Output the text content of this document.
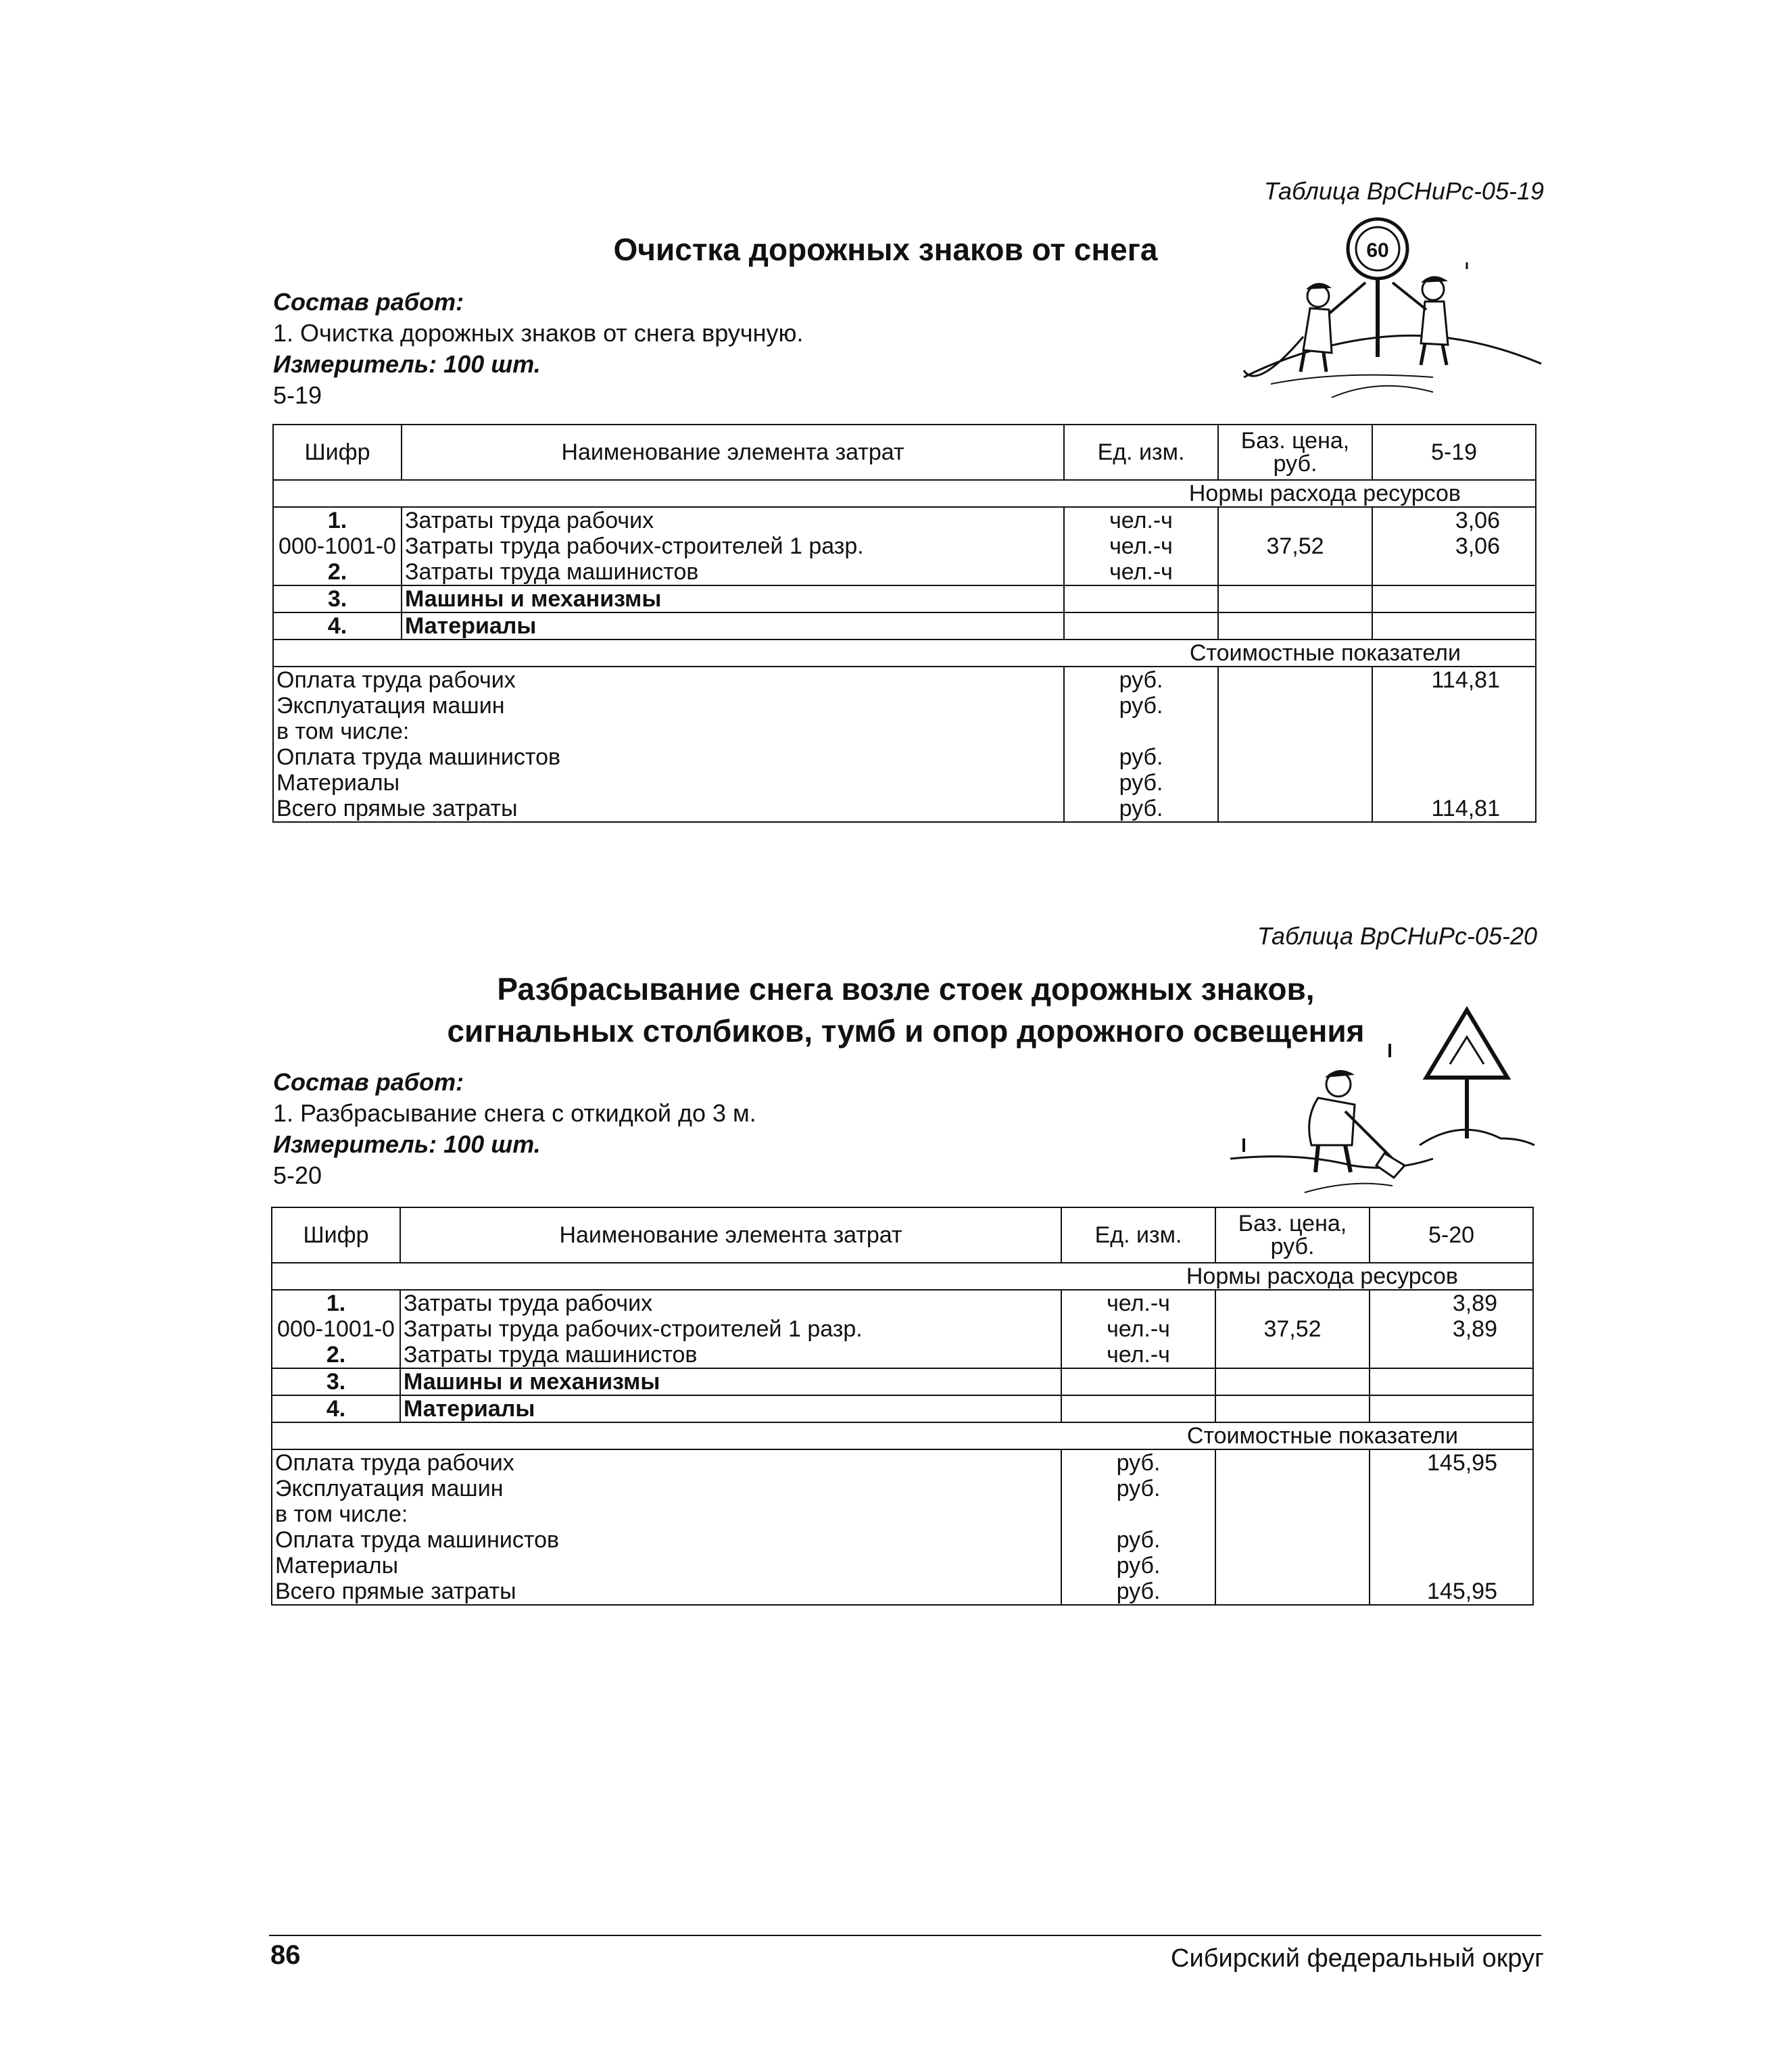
Таблица ВрСНиРс-05-19
Очистка дорожных знаков от снега
Состав работ:
1. Очистка дорожных знаков от снега вручную.
Измеритель: 100 шт.
5-19
60
Шифр	Наименование элемента затрат	Ед. изм.	Баз. цена, руб.	5-19
Нормы расхода ресурсов				
1.	Затраты труда рабочих	чел.-ч		3,06
000-1001-0	Затраты труда рабочих-строителей 1 разр.	чел.-ч	37,52	3,06
2.	Затраты труда машинистов	чел.-ч		
3.	Машины и механизмы			
4.	Материалы			
Стоимостные показатели				
Оплата труда рабочих		руб.		114,81
Эксплуатация машин		руб.		
в том числе:				
Оплата труда машинистов		руб.		
Материалы		руб.		
Всего прямые затраты		руб.		114,81
Таблица ВрСНиРс-05-20
Разбрасывание снега возле стоек дорожных знаков,
сигнальных столбиков, тумб и опор дорожного освещения
Состав работ:
1. Разбрасывание снега с откидкой до 3 м.
Измеритель: 100 шт.
5-20
Шифр	Наименование элемента затрат	Ед. изм.	Баз. цена, руб.	5-20
Нормы расхода ресурсов				
1.	Затраты труда рабочих	чел.-ч		3,89
000-1001-0	Затраты труда рабочих-строителей 1 разр.	чел.-ч	37,52	3,89
2.	Затраты труда машинистов	чел.-ч		
3.	Машины и механизмы			
4.	Материалы			
Стоимостные показатели				
Оплата труда рабочих		руб.		145,95
Эксплуатация машин		руб.		
в том числе:				
Оплата труда машинистов		руб.		
Материалы		руб.		
Всего прямые затраты		руб.		145,95
86	Сибирский федеральный округ
